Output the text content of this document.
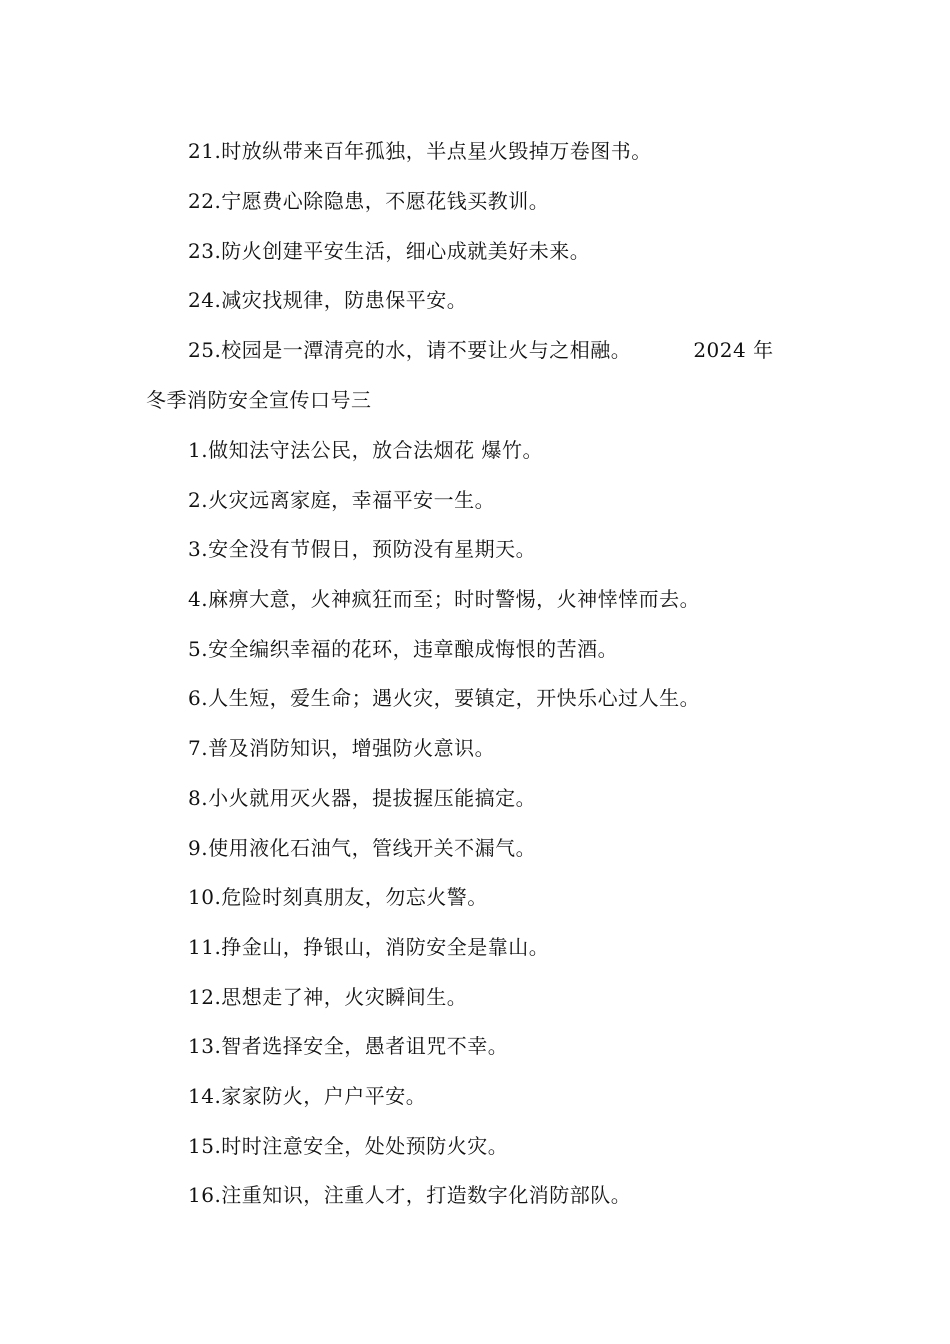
21.时放纵带来百年孤独，半点星火毁掉万卷图书。
22.宁愿费心除隐患，不愿花钱买教训。
23.防火创建平安生活，细心成就美好未来。
24.减灾找规律，防患保平安。
25.校园是一潭清亮的水，请不要让火与之相融。	2024 年
冬季消防安全宣传口号三
1.做知法守法公民，放合法烟花 爆竹。
2.火灾远离家庭，幸福平安一生。
3.安全没有节假日，预防没有星期天。
4.麻痹大意，火神疯狂而至；时时警惕，火神悻悻而去。
5.安全编织幸福的花环，违章酿成悔恨的苦酒。
6.人生短，爱生命；遇火灾，要镇定，开快乐心过人生。
7.普及消防知识，增强防火意识。
8.小火就用灭火器，提拔握压能搞定。
9.使用液化石油气，管线开关不漏气。
10.危险时刻真朋友，勿忘火警。
11.挣金山，挣银山，消防安全是靠山。
12.思想走了神，火灾瞬间生。
13.智者选择安全，愚者诅咒不幸。
14.家家防火，户户平安。
15.时时注意安全，处处预防火灾。
16.注重知识，注重人才，打造数字化消防部队。
